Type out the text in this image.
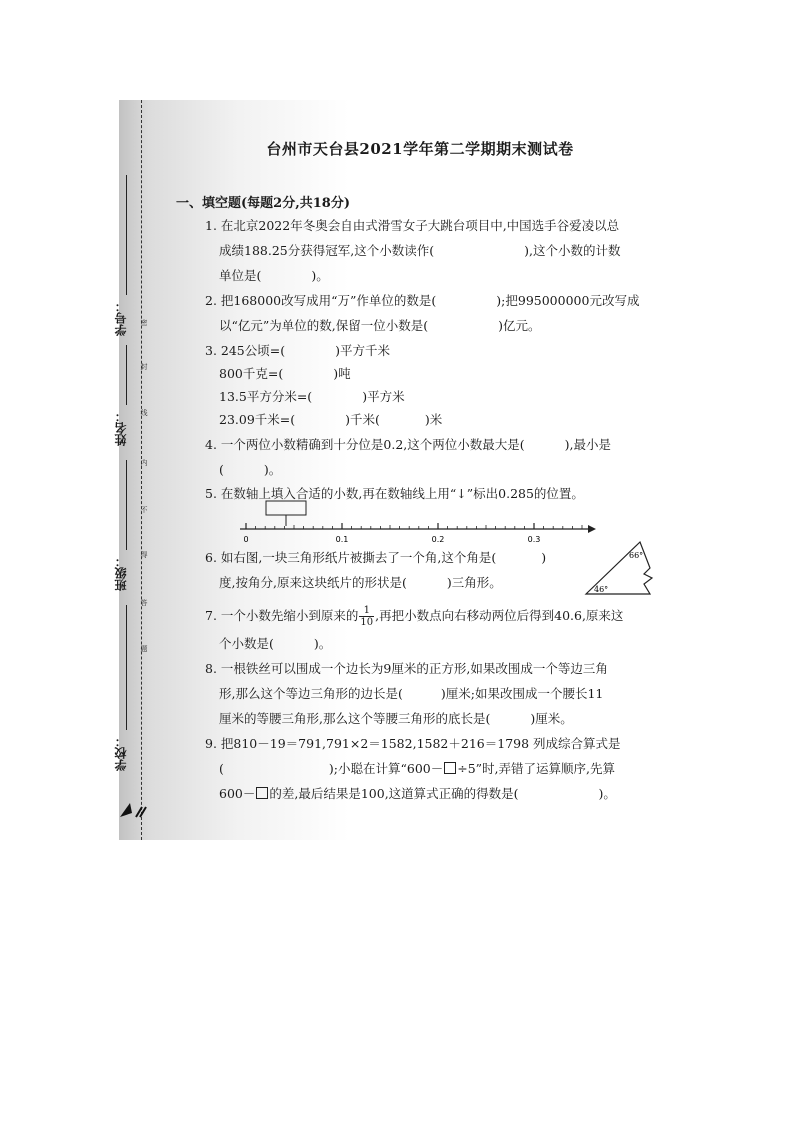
学号：
姓名：
班级：
学校：
密
封
线
内
不
得
答
题
台州市天台县2021学年第二学期期末测试卷
一、填空题(每题2分,共18分)
1. 在北京2022年冬奥会自由式滑雪女子大跳台项目中,中国选手谷爱凌以总
成绩188.25分获得冠军,这个小数读作(	),这个小数的计数
单位是(	)。
2. 把168000改写成用“万”作单位的数是(	);把995000000元改写成
以“亿元”为单位的数,保留一位小数是(	)亿元。
3. 245公顷=(	)平方千米
800千克=(	)吨
13.5平方分米=(	)平方米
23.09千米=(	)千米(	)米
4. 一个两位小数精确到十分位是0.2,这个两位小数最大是(	),最小是
(	)。
5. 在数轴上填入合适的小数,再在数轴线上用“↓”标出0.285的位置。
0	0.1	0.2	0.3
6. 如右图,一块三角形纸片被撕去了一个角,这个角是(	)
度,按角分,原来这块纸片的形状是(	)三角形。
66°
46°
7. 一个小数先缩小到原来的 $\frac{1}{10}$ ,再把小数点向右移动两位后得到40.6,原来这
个小数是(	)。
8. 一根铁丝可以围成一个边长为9厘米的正方形,如果改围成一个等边三角
形,那么这个等边三角形的边长是(	)厘米;如果改围成一个腰长11
厘米的等腰三角形,那么这个等腰三角形的底长是(	)厘米。
9. 把810－19＝791,791×2＝1582,1582＋216＝1798 列成综合算式是
(	);小聪在计算“600－ ÷5”时,弄错了运算顺序,先算
600－ 的差,最后结果是100,这道算式正确的得数是(	)。
